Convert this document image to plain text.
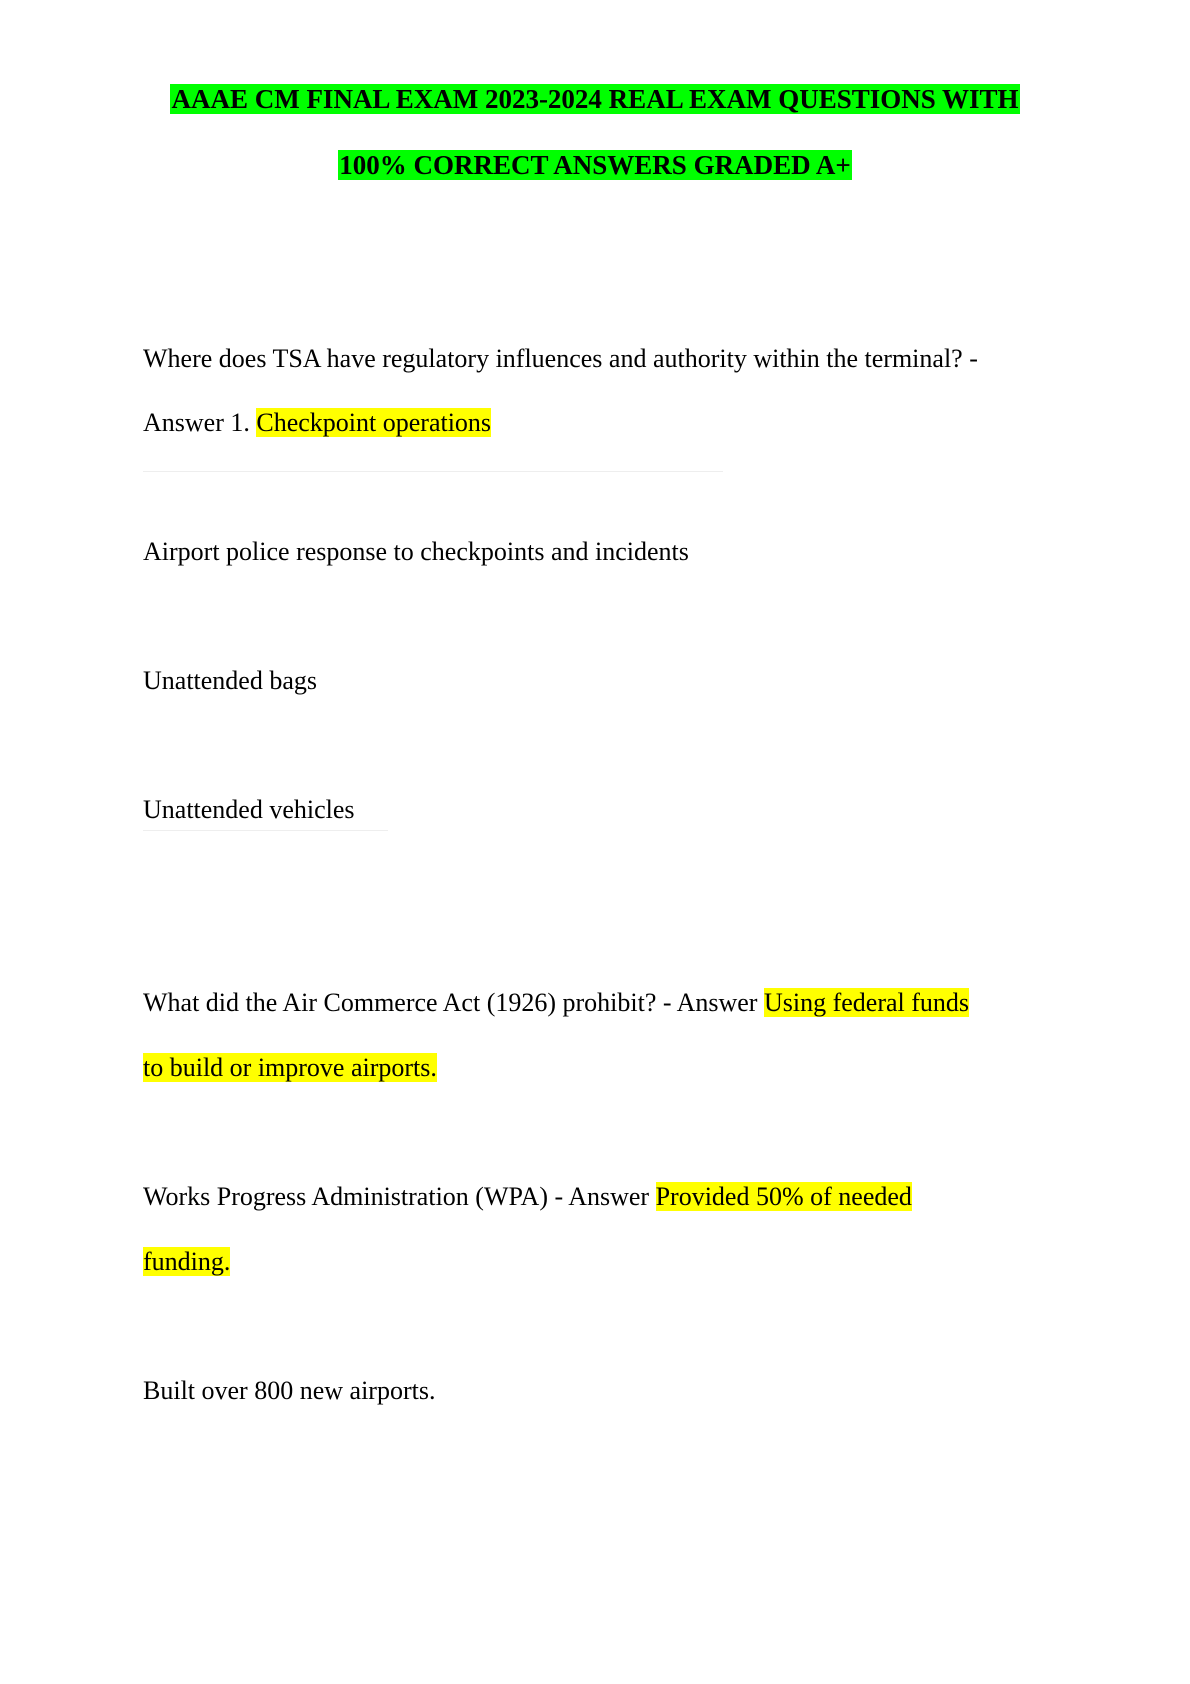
AAAE CM FINAL EXAM 2023-2024 REAL EXAM QUESTIONS WITH
100% CORRECT ANSWERS GRADED A+
Where does TSA have regulatory influences and authority within the terminal? -
Answer 1. Checkpoint operations
Airport police response to checkpoints and incidents
Unattended bags
Unattended vehicles
What did the Air Commerce Act (1926) prohibit? - Answer Using federal funds
to build or improve airports.
Works Progress Administration (WPA) - Answer Provided 50% of needed
funding.
Built over 800 new airports.
